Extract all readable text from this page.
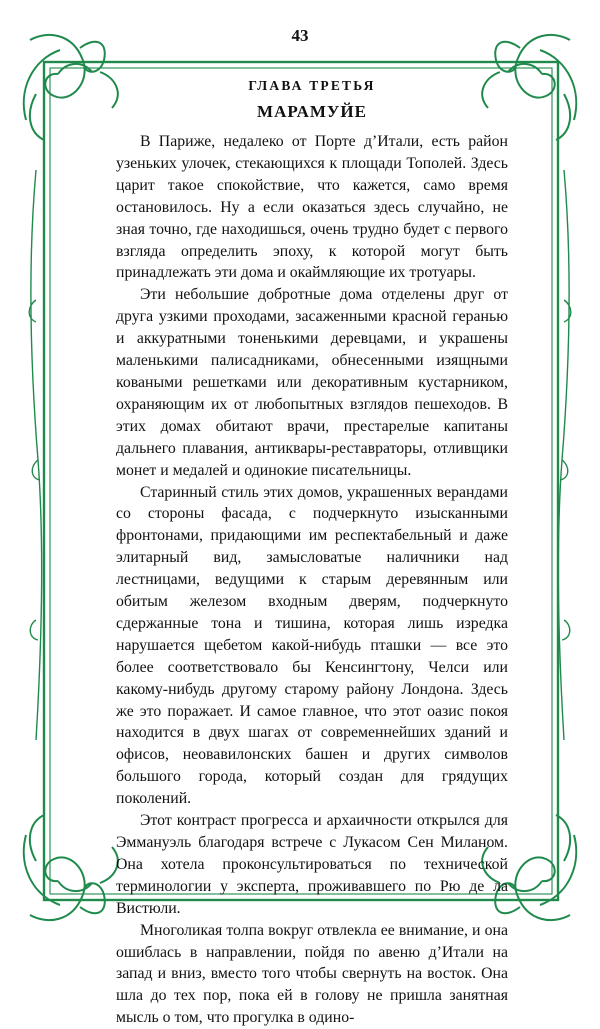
43
ГЛАВА ТРЕТЬЯ
МАРАМУЙЕ

В Париже, недалеко от Порте д’Итали, есть район узеньких улочек, стекающихся к площади Тополей. Здесь царит такое спокойствие, что кажется, само время остановилось. Ну а если оказаться здесь случайно, не зная точно, где находишься, очень трудно будет с первого взгляда определить эпоху, к которой могут быть принадлежать эти дома и окаймляющие их тротуары.

Эти небольшие добротные дома отделены друг от друга узкими проходами, засаженными красной геранью и аккуратными тоненькими деревцами, и украшены маленькими палисадниками, обнесенными изящными коваными решетками или декоративным кустарником, охраняющим их от любопытных взглядов пешеходов. В этих домах обитают врачи, престарелые капитаны дальнего плавания, антиквары-реставраторы, отливщики монет и медалей и одинокие писательницы.

Старинный стиль этих домов, украшенных верандами со стороны фасада, с подчеркнуто изысканными фронтонами, придающими им респектабельный и даже элитарный вид, замысловатые наличники над лестницами, ведущими к старым деревянным или обитым железом входным дверям, подчеркнуто сдержанные тона и тишина, которая лишь изредка нарушается щебетом какой-нибудь пташки — все это более соответствовало бы Кенсингтону, Челси или какому-нибудь другому старому району Лондона. Здесь же это поражает. И самое главное, что этот оазис покоя находится в двух шагах от современнейших зданий и офисов, неовавилонских башен и других символов большого города, который создан для грядущих поколений.

Этот контраст прогресса и архаичности открылся для Эммануэль благодаря встрече с Лукасом Сен Миланом. Она хотела проконсультироваться по технической терминологии у эксперта, проживавшего по Рю де ла Вистюли.

Многоликая толпа вокруг отвлекла ее внимание, и она ошиблась в направлении, пойдя по авеню д’Итали на запад и вниз, вместо того чтобы свернуть на восток. Она шла до тех пор, пока ей в голову не пришла занятная мысль о том, что прогулка в одино-
